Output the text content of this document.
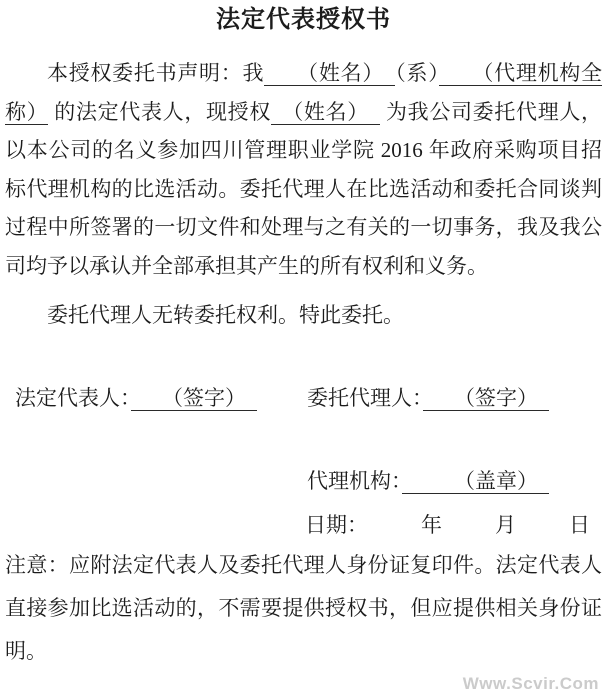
法定代表授权书

本授权委托书声明：我　　（姓名）　（系）　　（代理机构全称） 的法定代表人，现授权　（姓名）　 为我公司委托代理人，以本公司的名义参加四川管理职业学院 2016 年政府采购项目招标代理机构的比选活动。委托代理人在比选活动和委托合同谈判过程中所签署的一切文件和处理与之有关的一切事务，我及我公司均予以承认并全部承担其产生的所有权利和义务。

委托代理人无转委托权利。特此委托。

法定代表人：　　（签字）　	委托代理人：　　（签字）　
代理机构：　　　（盖章）　
日期：	年	月	日

注意：应附法定代表人及委托代理人身份证复印件。法定代表人直接参加比选活动的，不需要提供授权书，但应提供相关身份证明。

Www.Scvir.Com
